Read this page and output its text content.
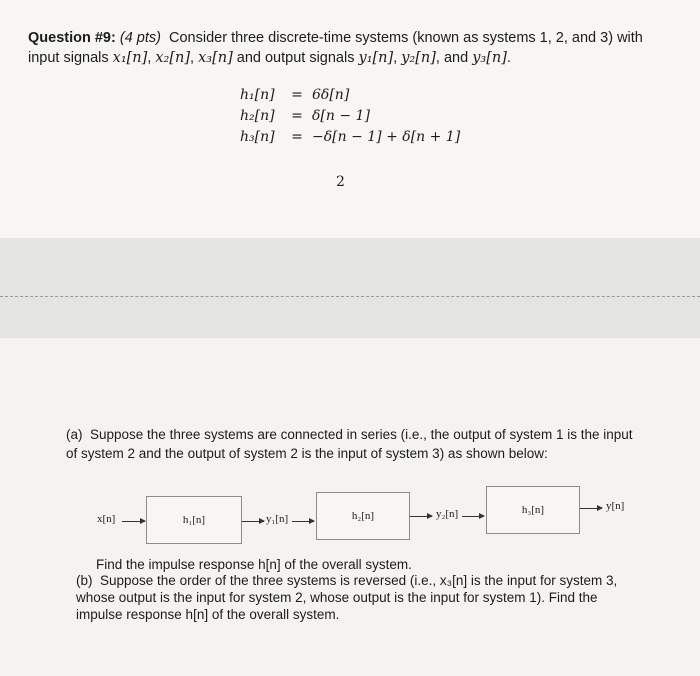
Question #9: (4 pts) Consider three discrete-time systems (known as systems 1, 2, and 3) with input signals x₁[n], x₂[n], x₃[n] and output signals y₁[n], y₂[n], and y₃[n].
h₁[n]	= 6δ[n]
h₂[n]	= δ[n − 1]
h₃[n]	= −δ[n − 1] + δ[n + 1]
2
(a) Suppose the three systems are connected in series (i.e., the output of system 1 is the input of system 2 and the output of system 2 is the input of system 3) as shown below:
x[n]	h₁[n]	y₁[n]	h₂[n]	y₂[n]	h₃[n]	y[n]
Find the impulse response h[n] of the overall system.
(b) Suppose the order of the three systems is reversed (i.e., x₃[n] is the input for system 3, whose output is the input for system 2, whose output is the input for system 1). Find the impulse response h[n] of the overall system.
